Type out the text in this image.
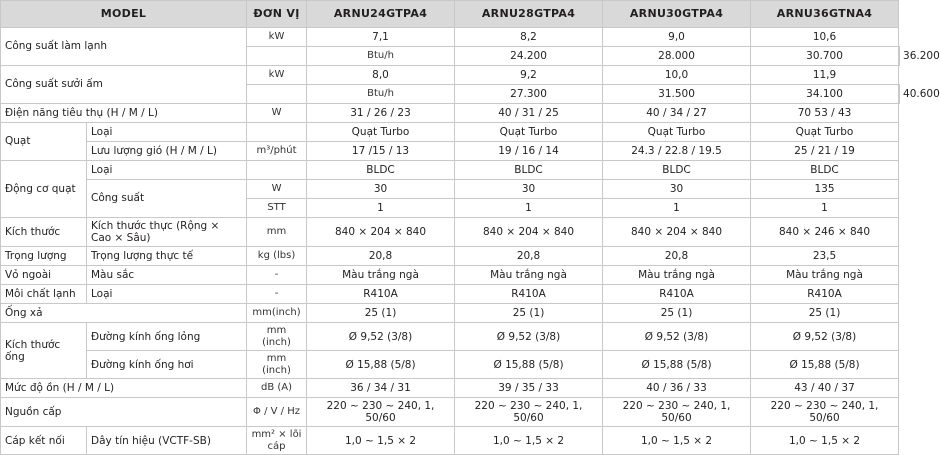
MODEL		ĐƠN VỊ	ARNU24GTPA4	ARNU28GTPA4	ARNU30GTPA4	ARNU36GTNA4	
Công suất làm lạnh		kW	7,1	8,2	9,0	10,6	
			Btu/h	24.200	28.000	30.700	36.200
Công suất sưởi ấm		kW	8,0	9,2	10,0	11,9	
			Btu/h	27.300	31.500	34.100	40.600
Điện năng tiêu thụ (H / M / L)		W	31 / 26 / 23	40 / 31 / 25	40 / 34 / 27	70 53 / 43	
Quạt	Loại		Quạt Turbo	Quạt Turbo	Quạt Turbo	Quạt Turbo	
	Lưu lượng gió (H / M / L)	m³/phút	17 /15 / 13	19 / 16 / 14	24.3 / 22.8 / 19.5	25 / 21 / 19	
Động cơ quạt	Loại		BLDC	BLDC	BLDC	BLDC	
	Công suất	W	30	30	30	135	
		STT	1	1	1	1	
Kích thước	Kích thước thực (Rộng × Cao × Sâu)	mm	840 × 204 × 840	840 × 204 × 840	840 × 204 × 840	840 × 246 × 840	
Trọng lượng	Trọng lượng thực tế	kg (lbs)	20,8	20,8	20,8	23,5	
Vỏ ngoài	Màu sắc	-	Màu trắng ngà	Màu trắng ngà	Màu trắng ngà	Màu trắng ngà	
Môi chất lạnh	Loại	-	R410A	R410A	R410A	R410A	
Ống xả		mm(inch)	25 (1)	25 (1)	25 (1)	25 (1)	
Kích thước ống	Đường kính ống lỏng	mm (inch)	Ø 9,52 (3/8)	Ø 9,52 (3/8)	Ø 9,52 (3/8)	Ø 9,52 (3/8)	
	Đường kính ống hơi	mm (inch)	Ø 15,88 (5/8)	Ø 15,88 (5/8)	Ø 15,88 (5/8)	Ø 15,88 (5/8)	
Mức độ ồn (H / M / L)		dB (A)	36 / 34 / 31	39 / 35 / 33	40 / 36 / 33	43 / 40 / 37	
Nguồn cấp		Φ / V / Hz	220 ~ 230 ~ 240, 1, 50/60	220 ~ 230 ~ 240, 1, 50/60	220 ~ 230 ~ 240, 1, 50/60	220 ~ 230 ~ 240, 1, 50/60	
Cáp kết nối	Dây tín hiệu (VCTF-SB)	mm² × lõi cáp	1,0 ~ 1,5 × 2	1,0 ~ 1,5 × 2	1,0 ~ 1,5 × 2	1,0 ~ 1,5 × 2	
